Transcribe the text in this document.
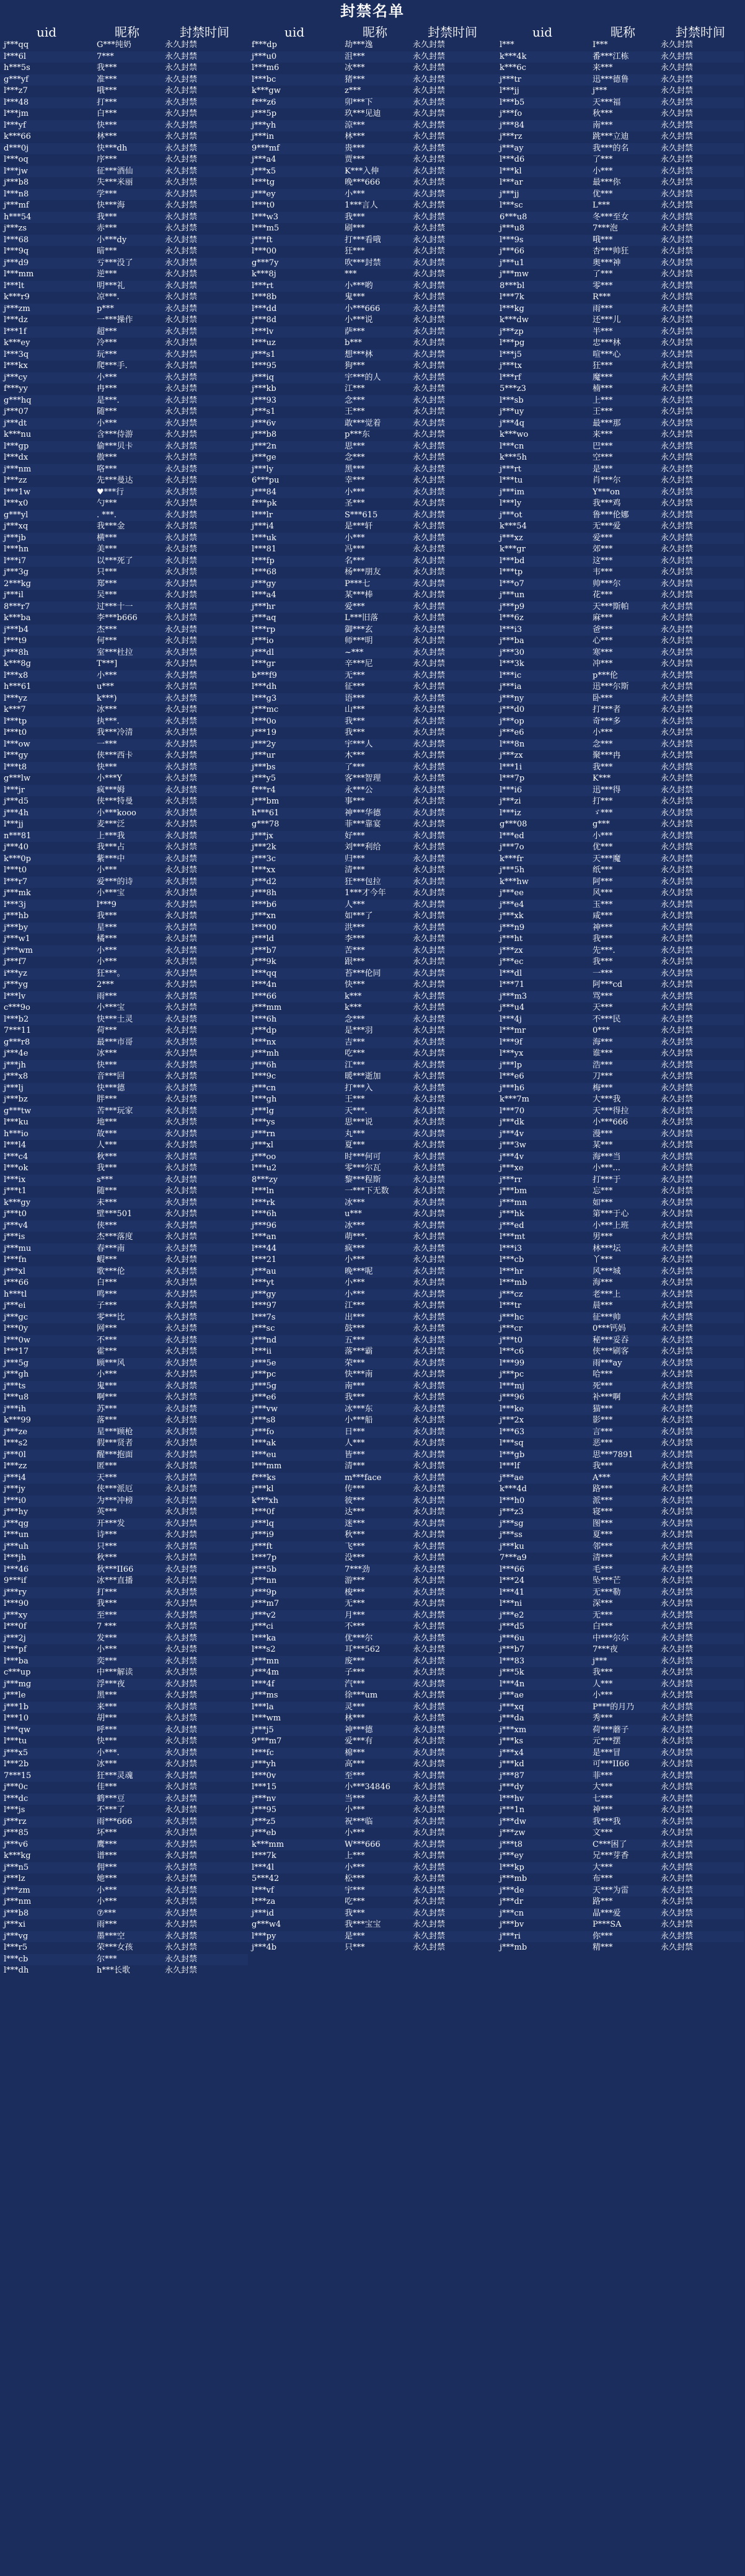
封禁名单
uid	昵称	封禁时间
j***qq	G***纯奶	永久封禁
l***6l	7***	永久封禁
h***5s	我***	永久封禁
g***yf	准***	永久封禁
l***z7	哦***	永久封禁
l***48	打***	永久封禁
l***jm	白***	永久封禁
l***yf	快***	永久封禁
k***66	林***	永久封禁
d***0j	快***dh	永久封禁
l***oq	序***	永久封禁
l***jw	征***酒仙	永久封禁
j***b8	失***米丽	永久封禁
l***n8	学***	永久封禁
j***mf	快***海	永久封禁
h***54	我***	永久封禁
j***zs	赤***	永久封禁
l***68	小***dy	永久封禁
l***9q	暗***	永久封禁
j***d9	亏***没了	永久封禁
l***mm	逆***	永久封禁
l***lt	明***礼	永久封禁
k***r9	凉***.	永久封禁
j***zm	p***	永久封禁
l***dz	一***操作	永久封禁
l***1f	超***	永久封禁
k***ey	冷***	永久封禁
l***3q	玩***	永久封禁
l***kx	爬***手.	永久封禁
j***cy	小***	永久封禁
f***yy	冉***	永久封禁
g***hq	是***.	永久封禁
j***07	随***	永久封禁
j***dt	小***	永久封禁
k***nu	含***侍游	永久封禁
l***gp	偷***贝卡	永久封禁
l***dx	傲***	永久封禁
j***nm	咯***	永久封禁
l***zz	先***曼达	永久封禁
l***1w	♥***行	永久封禁
l***x0	勺***	永久封禁
g***yl	. ***.	永久封禁
j***xq	我***金	永久封禁
j***jb	横***	永久封禁
l***hn	美***	永久封禁
l***i7	以***死了	永久封禁
j***3g	只***	永久封禁
2***kg	郑***	永久封禁
j***il	吴***	永久封禁
8***r7	过***十一	永久封禁
k***ba	李***b666	永久封禁
j***b4	杰***	永久封禁
l***t9	何***	永久封禁
j***8h	室***杜拉	永久封禁
k***8g	T***]	永久封禁
l***x8	小***	永久封禁
h***61	u***	永久封禁
l***yz	k***)	永久封禁
k***7	冰***	永久封禁
l***tp	执***.	永久封禁
l***t0	我***冷清	永久封禁
l***ow	一***	永久封禁
l***gy	侠***西卡	永久封禁
l***t8	快***	永久封禁
g***lw	小***Y	永久封禁
l***jr	疯***姆	永久封禁
j***d5	侠***特曼	永久封禁
j***4h	小***kooo	永久封禁
l***jj	麦***泛	永久封禁
n***81	上***我	永久封禁
j***40	我***占	永久封禁
k***0p	紫***中	永久封禁
l***t0	小***	永久封禁
l***r7	爱***的诗	永久封禁
j***mk	小***宝	永久封禁
l***3j	l***9	永久封禁
j***hb	我***	永久封禁
j***by	星***	永久封禁
j***w1	橘***	永久封禁
j***wm	小***	永久封禁
j***f7	小***	永久封禁
i***yz	狂***。	永久封禁
j***yg	2***	永久封禁
l***lv	雨***	永久封禁
c***9o	小***宝	永久封禁
l***b2	快***土灵	永久封禁
7***11	荷***	永久封禁
g***r8	最***市哥	永久封禁
j***4e	冰***	永久封禁
j***jh	快***	永久封禁
j***x8	音***回	永久封禁
j***lj	快***德	永久封禁
j***bz	胖***	永久封禁
g***tw	苦***玩家	永久封禁
l***ku	地***	永久封禁
h***io	故***	永久封禁
l***l4	人***	永久封禁
l***c4	秋***	永久封禁
l***ok	我***	永久封禁
l***ix	s***	永久封禁
j***t1	随***	永久封禁
k***gy	未***	永久封禁
j***t0	壁***501	永久封禁
j***v4	侠***	永久封禁
j***is	杰***落度	永久封禁
j***mu	春***南	永久封禁
l***fn	蝦***	永久封禁
j***xl	歌***伦	永久封禁
i***66	白***	永久封禁
h***tl	鸣***	永久封禁
j***ei	子***	永久封禁
j***gc	零***比	永久封禁
l***0y	网***	永久封禁
l***0w	不***	永久封禁
l***17	霍***	永久封禁
j***5g	顾***风	永久封禁
j***gh	小***	永久封禁
j***ts	鬼***	永久封禁
l***u8	啊***	永久封禁
j***ih	苏***	永久封禁
k***99	落***	永久封禁
j***ze	星***顾枪	永久封禁
l***s2	假***贤者	永久封禁
j***0l	醒***抱面	永久封禁
l***zz	匿***	永久封禁
j***i4	天***	永久封禁
j***jy	侠***派厄	永久封禁
l***i0	为***冲榜	永久封禁
j***hy	英***	永久封禁
j***qg	开***发	永久封禁
l***un	诗***	永久封禁
j***uh	只***	永久封禁
l***jh	秋***	永久封禁
l***46	秋***II66	永久封禁
9***if	冰***直播	永久封禁
j***ry	打***	永久封禁
l***90	我***	永久封禁
j***xy	至***	永久封禁
l***0f	7 ***	永久封禁
j***2j	发***	永久封禁
l***pf	小***	永久封禁
l***ba	奕***	永久封禁
c***up	中***解读	永久封禁
j***mg	浮***夜	永久封禁
j***le	黑***	永久封禁
j***1b	来***	永久封禁
l***10	胡***	永久封禁
l***qw	呼***	永久封禁
l***tu	快***	永久封禁
j***x5	小***.	永久封禁
l***2b	冰***	永久封禁
7***15	狂***灵魂	永久封禁
j***0c	佳***	永久封禁
l***dc	鹤***豆	永久封禁
l***js	不***了	永久封禁
j***rz	雨***666	永久封禁
j***85	坏***	永久封禁
j***v6	鹰***	永久封禁
k***kg	谱***	永久封禁
j***n5	佣***	永久封禁
j***lz	她***	永久封禁
j***zm	小***	永久封禁
j***nm	小***	永久封禁
j***b8	⑦***	永久封禁
j***xi	雨***	永久封禁
j***vg	墨***空	永久封禁
l***r5	荣***女孩	永久封禁
l***cb	尔***	永久封禁
l***dh	h***长歌	永久封禁
uid	昵称	封禁时间
f***dp	劫***逸	永久封禁
j***u0	沮***	永久封禁
l***m6	冰***	永久封禁
l***bc	猪***	永久封禁
k***gw	z***	永久封禁
f***z6	卯***下	永久封禁
j***5p	玖***见迪	永久封禁
j***yh	涼***	永久封禁
j***in	林***	永久封禁
9***mf	贵***	永久封禁
j***a4	贾***	永久封禁
j***x5	K***入伸	永久封禁
l***tg	晚***666	永久封禁
j***ey	小***	永久封禁
l***t0	1***言人	永久封禁
l***w3	我***	永久封禁
l***m5	刷***	永久封禁
j***ft	打***看哦	永久封禁
l***00	狂***	永久封禁
g***7y	吹***封禁	永久封禁
k***8j	***	永久封禁
l***rt	小***哟	永久封禁
l***8b	鬼***	永久封禁
l***dd	小***666	永久封禁
j***8d	小***说	永久封禁
l***lv	萨***	永久封禁
l***uz	b***	永久封禁
j***s1	想***林	永久封禁
l***95	狗***	永久封禁
j***iq	宇***的人	永久封禁
j***kb	江***	永久封禁
j***93	念***	永久封禁
j***s1	王***	永久封禁
j***6v	敢***觉着	永久封禁
j***b8	p***东	永久封禁
j***2n	思***	永久封禁
j***ge	念***	永久封禁
j***ly	黑***	永久封禁
6***pu	幸***	永久封禁
j***84	小***	永久封禁
f***pk	圣***	永久封禁
l***lr	S***615	永久封禁
j***i4	是***轩	永久封禁
l***uk	小***	永久封禁
l***81	冯***	永久封禁
l***fp	名***	永久封禁
l***68	杨***朋友	永久封禁
j***gy	P***七	永久封禁
l***a4	某***棒	永久封禁
j***hr	爱***	永久封禁
j***aq	L***旧落	永久封禁
l***rp	御***玄	永久封禁
j***io	师***明	永久封禁
j***dl	~***	永久封禁
l***gr	辛***尼	永久封禁
b***f9	无***	永久封禁
l***dh	征***	永久封禁
l***g3	语***	永久封禁
j***mc	山***	永久封禁
l***0o	我***	永久封禁
j***19	我***	永久封禁
j***2y	宇***人	永久封禁
j***ur	木***	永久封禁
j***bs	了***	永久封禁
j***y5	客***智理	永久封禁
f***r4	永***公	永久封禁
j***bm	事***	永久封禁
h***61	神***华德	永久封禁
g***78	菲***靠宴	永久封禁
j***jx	好***	永久封禁
j***2k	刘***利给	永久封禁
j***3c	归***	永久封禁
l***xx	清***	永久封禁
j***d2	狂***包拉	永久封禁
j***8h	1***才今年	永久封禁
l***b6	人***	永久封禁
j***xn	如***了	永久封禁
l***00	洪***	永久封禁
j***ld	李***	永久封禁
j***b7	苦***	永久封禁
j***9k	跟***	永久封禁
l***qq	苔***伦同	永久封禁
l***4n	快***	永久封禁
l***66	k***	永久封禁
j***mm	k***	永久封禁
l***6h	念***	永久封禁
j***dp	是***羽	永久封禁
l***nx	吉***	永久封禁
j***mh	吃***	永久封禁
j***6h	江***	永久封禁
l***9c	暖***逝加	永久封禁
j***cn	打***入	永久封禁
l***gh	王***	永久封禁
j***lg	天***.	永久封禁
l***ys	思***说	永久封禁
j***rn	丸***	永久封禁
j***xl	夏***	永久封禁
j***oo	时***何可	永久封禁
l***u2	零***尔瓦	永久封禁
8***zy	黎***程斯	永久封禁
l***ln	一***下无数	永久封禁
l***rk	冰***	永久封禁
l***6h	u***	永久封禁
j***96	冰***	永久封禁
l***an	萌***.	永久封禁
l***44	疯***	永久封禁
l***21	小***	永久封禁
j***au	晚***呢	永久封禁
l***yt	小***	永久封禁
j***gy	小***	永久封禁
l***97	江***	永久封禁
l***7s	出***	永久封禁
j***sc	鼓***	永久封禁
j***nd	五***	永久封禁
l***ii	落***霸	永久封禁
j***5e	荣***	永久封禁
j***pc	快***南	永久封禁
j***5g	南***	永久封禁
j***e6	我***	永久封禁
j***vw	冰***东	永久封禁
j***s8	小***船	永久封禁
j***fo	日***	永久封禁
l***ak	人***	永久封禁
l***eu	皆***	永久封禁
l***mm	清***	永久封禁
f***ks	m***face	永久封禁
j***kl	传***	永久封禁
k***xh	彼***	永久封禁
l***0f	达***	永久封禁
j***lq	迷***	永久封禁
j***i9	秋***	永久封禁
j***ft	飞***	永久封禁
l***7p	没***	永久封禁
j***5b	7***劲	永久封禁
j***nn	游***	永久封禁
j***9p	梭***	永久封禁
j***m7	无***	永久封禁
j***v2	月***	永久封禁
j***ci	不***	永久封禁
l***ka	优***尔	永久封禁
l***s2	耳***562	永久封禁
j***mn	废***	永久封禁
j***4m	子***	永久封禁
l***4f	汽***	永久封禁
j***ms	徐***um	永久封禁
l***la	灵***	永久封禁
l***wm	林***	永久封禁
j***j5	神***德	永久封禁
9***m7	爱***有	永久封禁
l***fc	棉***	永久封禁
j***yh	高***	永久封禁
l***0v	至***	永久封禁
l***15	小***34846	永久封禁
j***nv	当***	永久封禁
j***95	小***	永久封禁
j***z5	祝***临	永久封禁
j***eb	小***	永久封禁
k***mm	W***666	永久封禁
l***7k	上***	永久封禁
l***4l	小***	永久封禁
5***42	松***	永久封禁
l***vf	宇***	永久封禁
l***za	吃***	永久封禁
j***id	我***	永久封禁
g***w4	我***宝宝	永久封禁
l***py	是***	永久封禁
j***4b	只***	永久封禁
uid	昵称	封禁时间
l***	I***	永久封禁
k***4k	番***江栋	永久封禁
k***6c	来***	永久封禁
j***tr	迅***德鲁	永久封禁
l***jj	j***	永久封禁
l***b5	天***福	永久封禁
j***fo	秋***	永久封禁
j***84	南***	永久封禁
j***rz	跳***立迪	永久封禁
j***ay	我***的名	永久封禁
l***d6	了***	永久封禁
l***kl	小***	永久封禁
l***ar	最***你	永久封禁
j***jj	优***	永久封禁
l***sc	L***	永久封禁
6***u8	冬***至女	永久封禁
j***u8	7***泡	永久封禁
l***9s	哦***	永久封禁
j***66	杏***帅狂	永久封禁
j***u1	奥***神	永久封禁
j***mw	了***	永久封禁
8***bl	零***	永久封禁
l***7k	R***	永久封禁
l***kg	雨***	永久封禁
k***dw	还***儿	永久封禁
j***zp	半***	永久封禁
l***pg	忠***林	永久封禁
l***j5	喧***心	永久封禁
j***tx	狂***	永久封禁
l***rf	魔***	永久封禁
5***z3	楠***	永久封禁
l***sb	上***	永久封禁
j***uy	王***	永久封禁
j***4q	最***那	永久封禁
k***wo	来***	永久封禁
l***cn	巴***	永久封禁
k***5h	空***	永久封禁
j***rt	是***	永久封禁
l***tu	肖***尔	永久封禁
j***im	Y***on	永久封禁
l***ly	我***鸡	永久封禁
j***ot	鲁***伦娜	永久封禁
k***54	无***爱	永久封禁
j***xz	爱***	永久封禁
k***gr	郊***	永久封禁
l***bd	这***	永久封禁
l***tp	韦***	永久封禁
l***o7	帅***尔	永久封禁
j***un	花***	永久封禁
j***p9	天***斯帕	永久封禁
l***6z	麻***	永久封禁
l***i3	爸***	永久封禁
j***ba	心***	永久封禁
j***30	寒***	永久封禁
l***3k	冲***	永久封禁
l***ic	p***伦	永久封禁
j***ia	迅***尔斯	永久封禁
j***ny	卧***	永久封禁
j***d0	打***者	永久封禁
j***op	奇***多	永久封禁
j***e6	小***	永久封禁
l***8n	念***	永久封禁
j***zx	聚***冉	永久封禁
l***1i	我***	永久封禁
l***7p	K***	永久封禁
l***i6	迅***得	永久封禁
j***zi	打***	永久封禁
l***iz	ゞ***	永久封禁
g***08	g***	永久封禁
l***ed	小***	永久封禁
j***7o	优***	永久封禁
k***fr	天***魔	永久封禁
j***5h	纸***	永久封禁
k***hw	阿***	永久封禁
j***ee	风***	永久封禁
j***e4	玉***	永久封禁
j***xk	咸***	永久封禁
j***n9	神***	永久封禁
j***ht	我***	永久封禁
j***zx	先***.	永久封禁
j***ec	我***	永久封禁
l***dl	一***	永久封禁
l***71	阿***cd	永久封禁
j***m3	骂***	永久封禁
j***u4	天***	永久封禁
l***4j	不***民	永久封禁
l***mr	0***	永久封禁
l***9f	海***	永久封禁
l***yx	谁***	永久封禁
j***lp	浩***	永久封禁
l***e6	刀***	永久封禁
j***h6	梅***	永久封禁
k***7m	大***我	永久封禁
l***70	天***得拉	永久封禁
j***dk	小***666	永久封禁
j***4v	漫***	永久封禁
j***3w	某***	永久封禁
j***4v	海***当	永久封禁
j***xe	小***...	永久封禁
j***rr	打***于	永久封禁
j***bm	忘***	永久封禁
j***mn	如***	永久封禁
j***hk	第***于心	永久封禁
j***ed	小***上班	永久封禁
l***mt	男***	永久封禁
l***i3	林***坛	永久封禁
l***cb	丫***	永久封禁
l***hr	风***城	永久封禁
l***mb	海***	永久封禁
j***cz	老***上	永久封禁
l***tr	晨***	永久封禁
j***hc	征***帅	永久封禁
j***cr	0***钙妈	永久封禁
j***t0	秘***妥吞	永久封禁
l***c6	侠***刷客	永久封禁
l***99	雨***ay	永久封禁
j***pc	哈***	永久封禁
l***mj	死***	永久封禁
j***96	补***啊	永久封禁
l***ke	猫***	永久封禁
j***2x	影***	永久封禁
l***63	言***	永久封禁
l***sq	恶***	永久封禁
l***gb	思***7891	永久封禁
l***lf	我***	永久封禁
j***ae	A***	永久封禁
k***4d	路***	永久封禁
l***h0	派***	永久封禁
j***z3	寝***	永久封禁
j***sg	图***	永久封禁
j***ss	夏***	永久封禁
j***ku	邻***	永久封禁
7***a9	清***	永久封禁
l***66	毛***	永久封禁
l***24	坠***芒	永久封禁
l***41	无***勒	永久封禁
l***ni	深***	永久封禁
j***e2	无***	永久封禁
j***d5	白***	永久封禁
j***6u	中***尔尔	永久封禁
j***b7	7***夜	永久封禁
l***83	j***	永久封禁
j***5k	我***	永久封禁
l***4n	人***	永久封禁
j***ae	小***	永久封禁
j***xq	P***的月乃	永久封禁
j***da	秀***	永久封禁
j***xm	荷***蘑子	永久封禁
j***ks	元***摆	永久封禁
j***x4	是***冒	永久封禁
j***kd	可***II66	永久封禁
j***87	菲***	永久封禁
j***dy	大***	永久封禁
l***hv	七***	永久封禁
j***1n	神***	永久封禁
j***dw	我***我	永久封禁
j***zw	文***	永久封禁
j***t8	C***困了	永久封禁
j***ey	兄***芽香	永久封禁
l***kp	大***	永久封禁
j***mb	布***	永久封禁
j***de	天***为雷	永久封禁
j***dr	路***	永久封禁
j***cn	晶***爱	永久封禁
j***bv	P***SA	永久封禁
j***ri	你***	永久封禁
j***mb	精***	永久封禁
